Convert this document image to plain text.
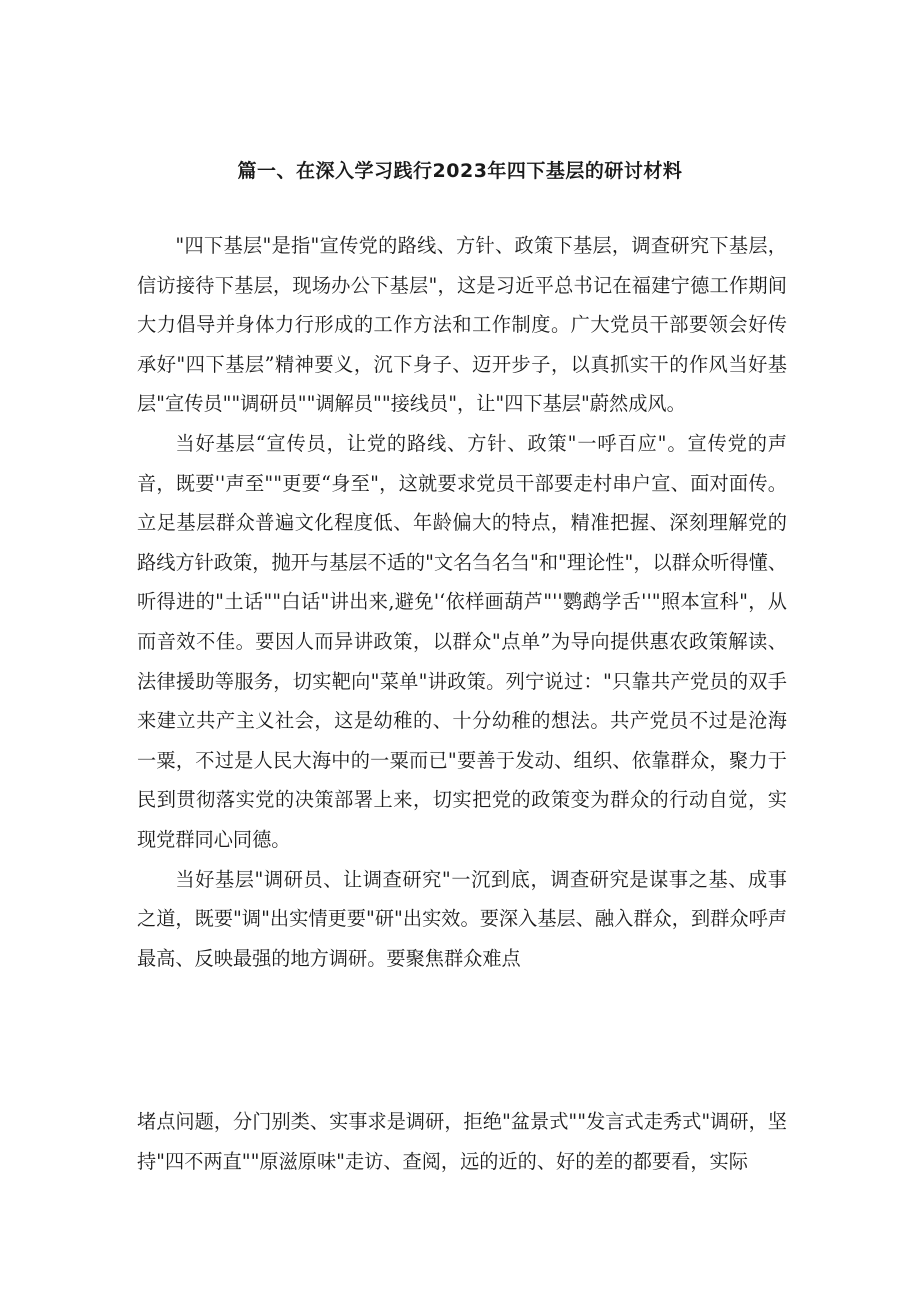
篇一、在深入学习践行2023年四下基层的研讨材料

"四下基层"是指"宣传党的路线、方针、政策下基层，调查研究下基层，信访接待下基层，现场办公下基层"，这是习近平总书记在福建宁德工作期间大力倡导并身体力行形成的工作方法和工作制度。广大党员干部要领会好传承好"四下基层”精神要义，沉下身子、迈开步子，以真抓实干的作风当好基层"宣传员""调研员""调解员""接线员"，让"四下基层"蔚然成风。

当好基层“宣传员，让党的路线、方针、政策"一呼百应"。宣传党的声音，既要''声至""更要“身至"，这就要求党员干部要走村串户宣、面对面传。立足基层群众普遍文化程度低、年龄偏大的特点，精准把握、深刻理解党的路线方针政策，抛开与基层不适的"文名刍名刍"和"理论性"，以群众听得懂、听得进的"土话""白话"讲出来,避免'‘依样画葫芦"''鹦鹉学舌''"照本宣科"，从而音效不佳。要因人而异讲政策，以群众"点单”为导向提供惠农政策解读、法律援助等服务，切实靶向"菜单"讲政策。列宁说过："只靠共产党员的双手来建立共产主义社会，这是幼稚的、十分幼稚的想法。共产党员不过是沧海一粟，不过是人民大海中的一粟而已"要善于发动、组织、依靠群众，聚力于民到贯彻落实党的决策部署上来，切实把党的政策变为群众的行动自觉，实现党群同心同德。

当好基层"调研员、让调查研究"一沉到底，调查研究是谋事之基、成事之道，既要"调"出实情更要"研"出实效。要深入基层、融入群众，到群众呼声最高、反映最强的地方调研。要聚焦群众难点

堵点问题，分门别类、实事求是调研，拒绝"盆景式""发言式走秀式"调研，坚持"四不两直""原滋原味"走访、查阅，远的近的、好的差的都要看，实际
